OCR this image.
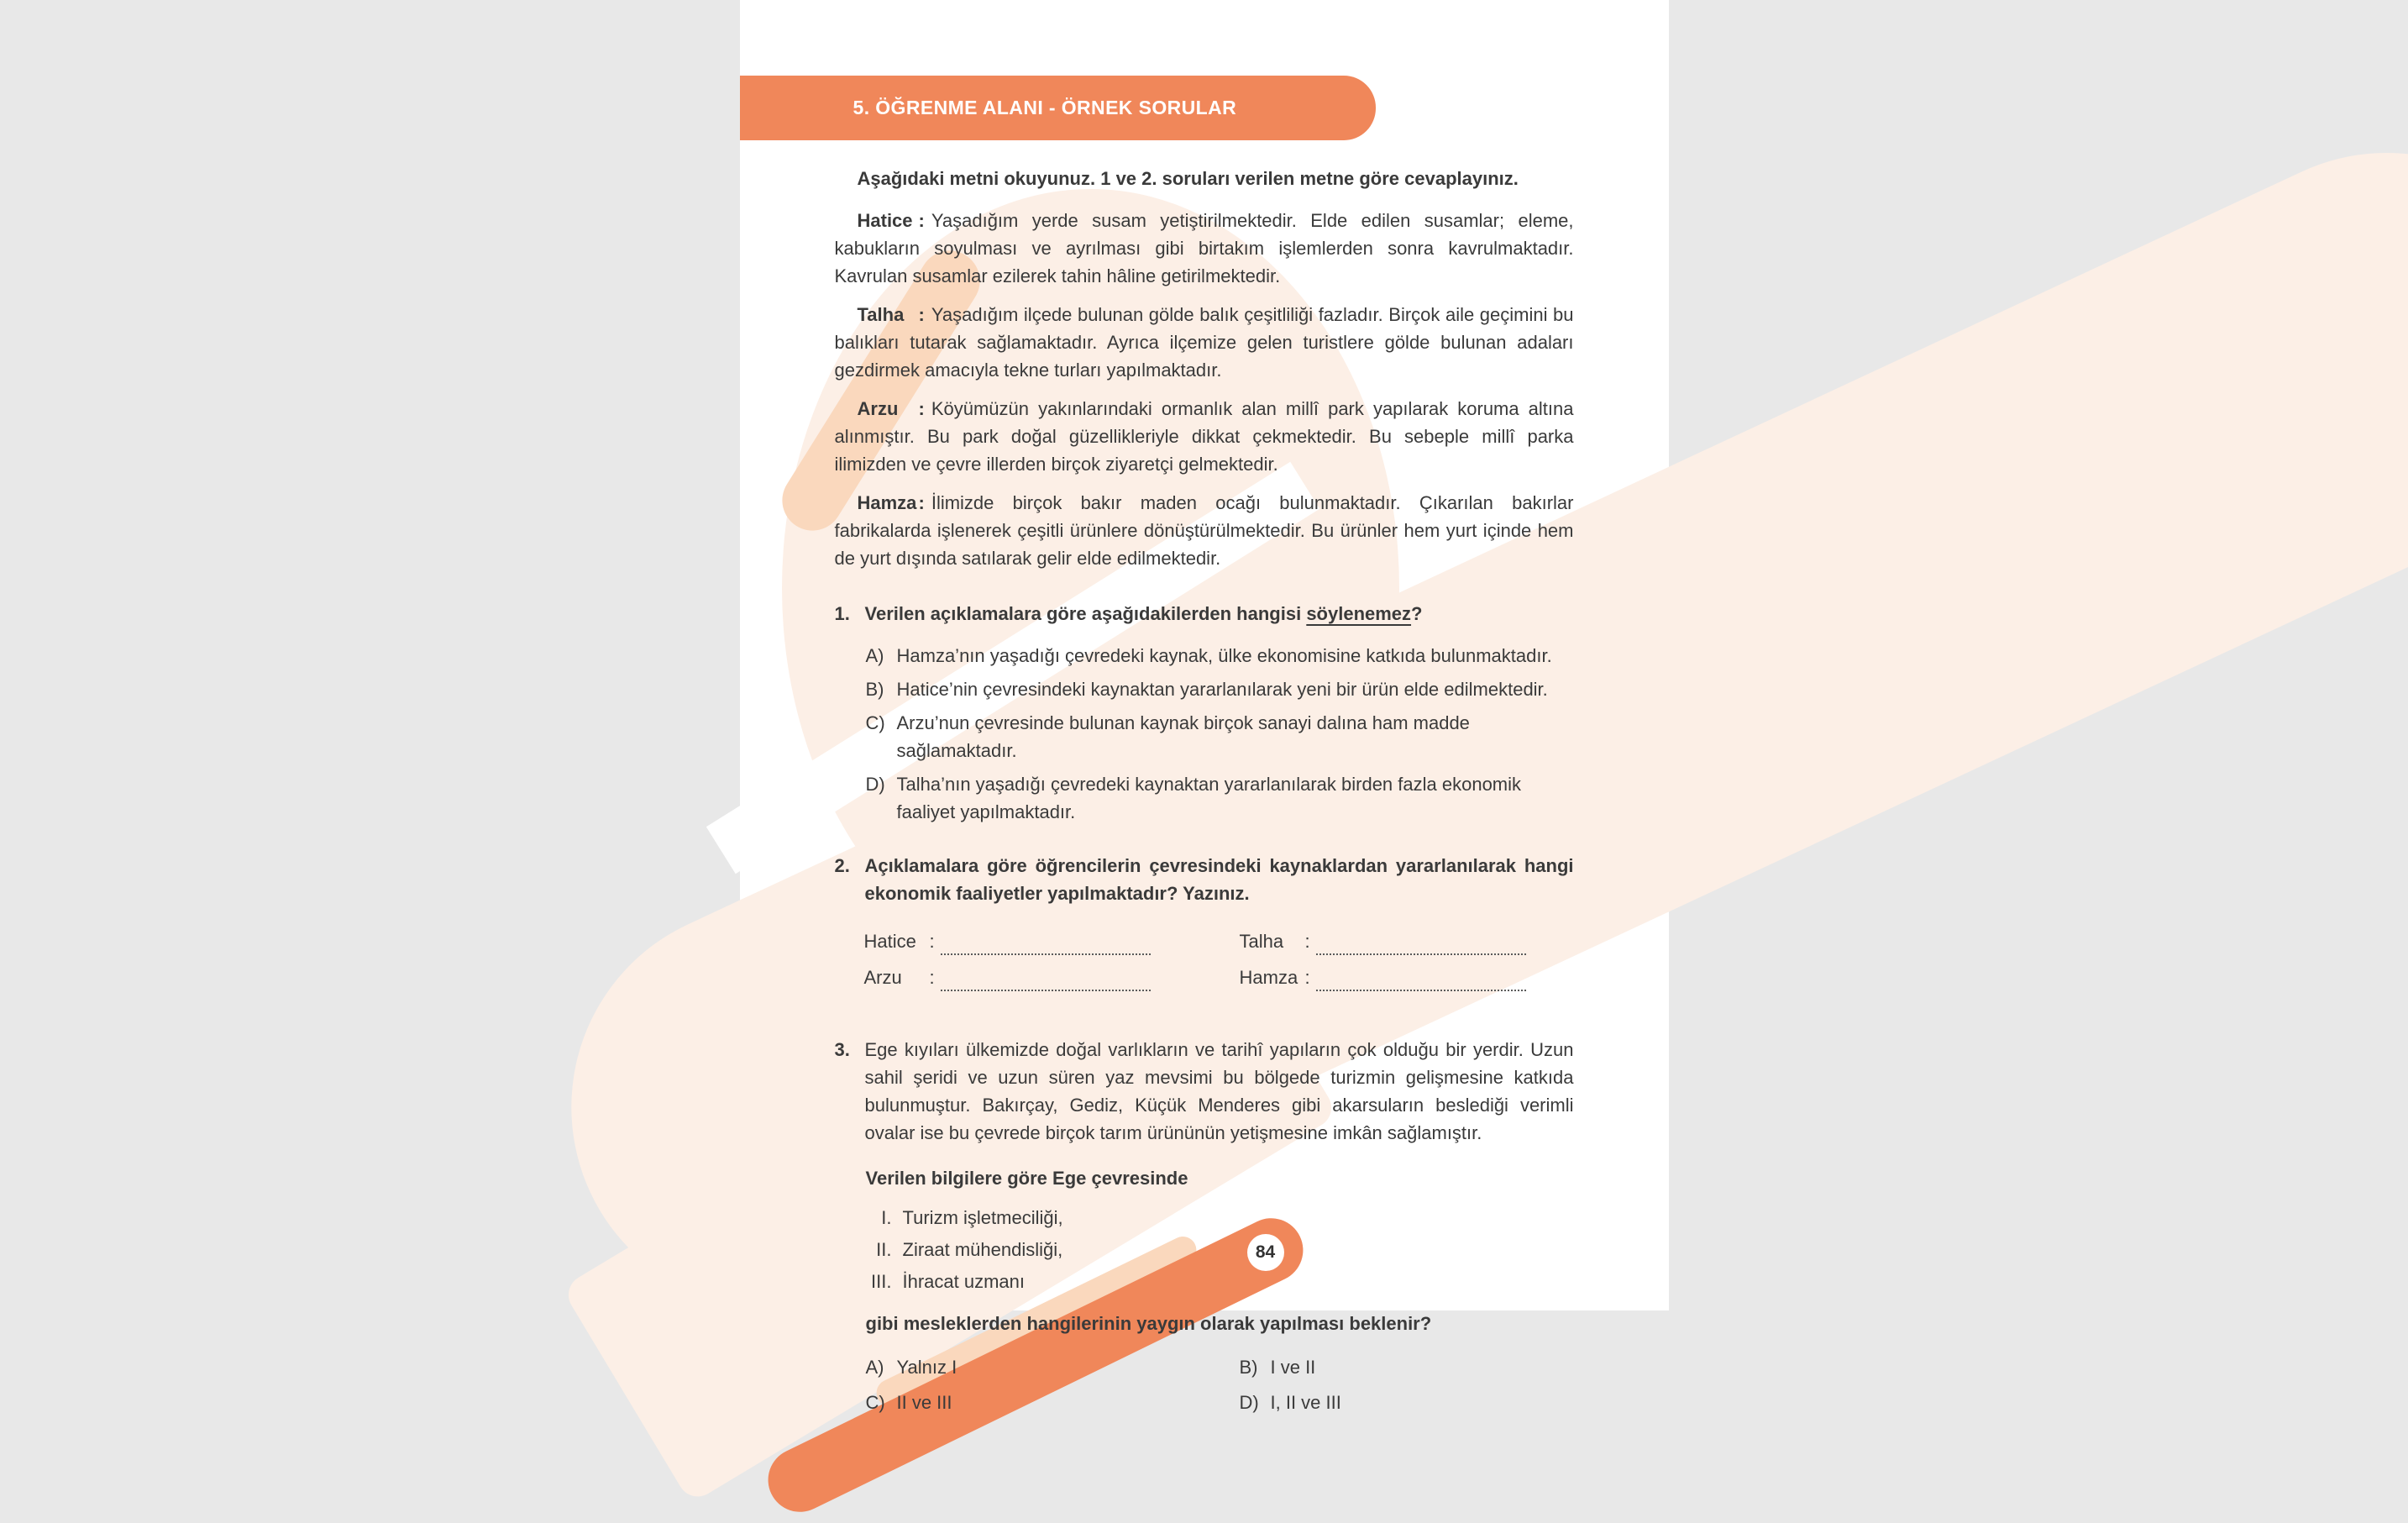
5. ÖĞRENME ALANI - ÖRNEK SORULAR
84

Aşağıdaki metni okuyunuz. 1 ve 2. soruları verilen metne göre cevaplayınız.

Hatice : Yaşadığım yerde susam yetiştirilmektedir. Elde edilen susamlar; eleme, kabukların soyulması ve ayrılması gibi birtakım işlemlerden sonra kavrulmaktadır. Kavrulan susamlar ezilerek tahin hâline getirilmektedir.

Talha : Yaşadığım ilçede bulunan gölde balık çeşitliliği fazladır. Birçok aile geçimini bu balıkları tutarak sağlamaktadır. Ayrıca ilçemize gelen turistlere gölde bulunan adaları gezdirmek amacıyla tekne turları yapılmaktadır.

Arzu : Köyümüzün yakınlarındaki ormanlık alan millî park yapılarak koruma altına alınmıştır. Bu park doğal güzellikleriyle dikkat çekmektedir. Bu sebeple millî parka ilimizden ve çevre illerden birçok ziyaretçi gelmektedir.

Hamza: İlimizde birçok bakır maden ocağı bulunmaktadır. Çıkarılan bakırlar fabrikalarda işlenerek çeşitli ürünlere dönüştürülmektedir. Bu ürünler hem yurt içinde hem de yurt dışında satılarak gelir elde edilmektedir.

1. Verilen açıklamalara göre aşağıdakilerden hangisi söylenemez?
A) Hamza’nın yaşadığı çevredeki kaynak, ülke ekonomisine katkıda bulunmaktadır.
B) Hatice’nin çevresindeki kaynaktan yararlanılarak yeni bir ürün elde edilmektedir.
C) Arzu’nun çevresinde bulunan kaynak birçok sanayi dalına ham madde sağlamaktadır.
D) Talha’nın yaşadığı çevredeki kaynaktan yararlanılarak birden fazla ekonomik faaliyet yapılmaktadır.
2. Açıklamalara göre öğrencilerin çevresindeki kaynaklardan yararlanılarak hangi ekonomik faaliyetler yapılmaktadır? Yazınız.
Hatice :	Talha	:
Arzu	:	Hamza :
3. Ege kıyıları ülkemizde doğal varlıkların ve tarihî yapıların çok olduğu bir yerdir. Uzun sahil şeridi ve uzun süren yaz mevsimi bu bölgede turizmin gelişmesine katkıda bulunmuştur. Bakırçay, Gediz, Küçük Menderes gibi akarsuların beslediği verimli ovalar ise bu çevrede birçok tarım ürününün yetişmesine imkân sağlamıştır.

Verilen bilgilere göre Ege çevresinde

I. Turizm işletmeciliği,
II. Ziraat mühendisliği,
III. İhracat uzmanı

gibi mesleklerden hangilerinin yaygın olarak yapılması beklenir?

A) Yalnız I	B) I ve II
C) II ve III	D) I, II ve III
